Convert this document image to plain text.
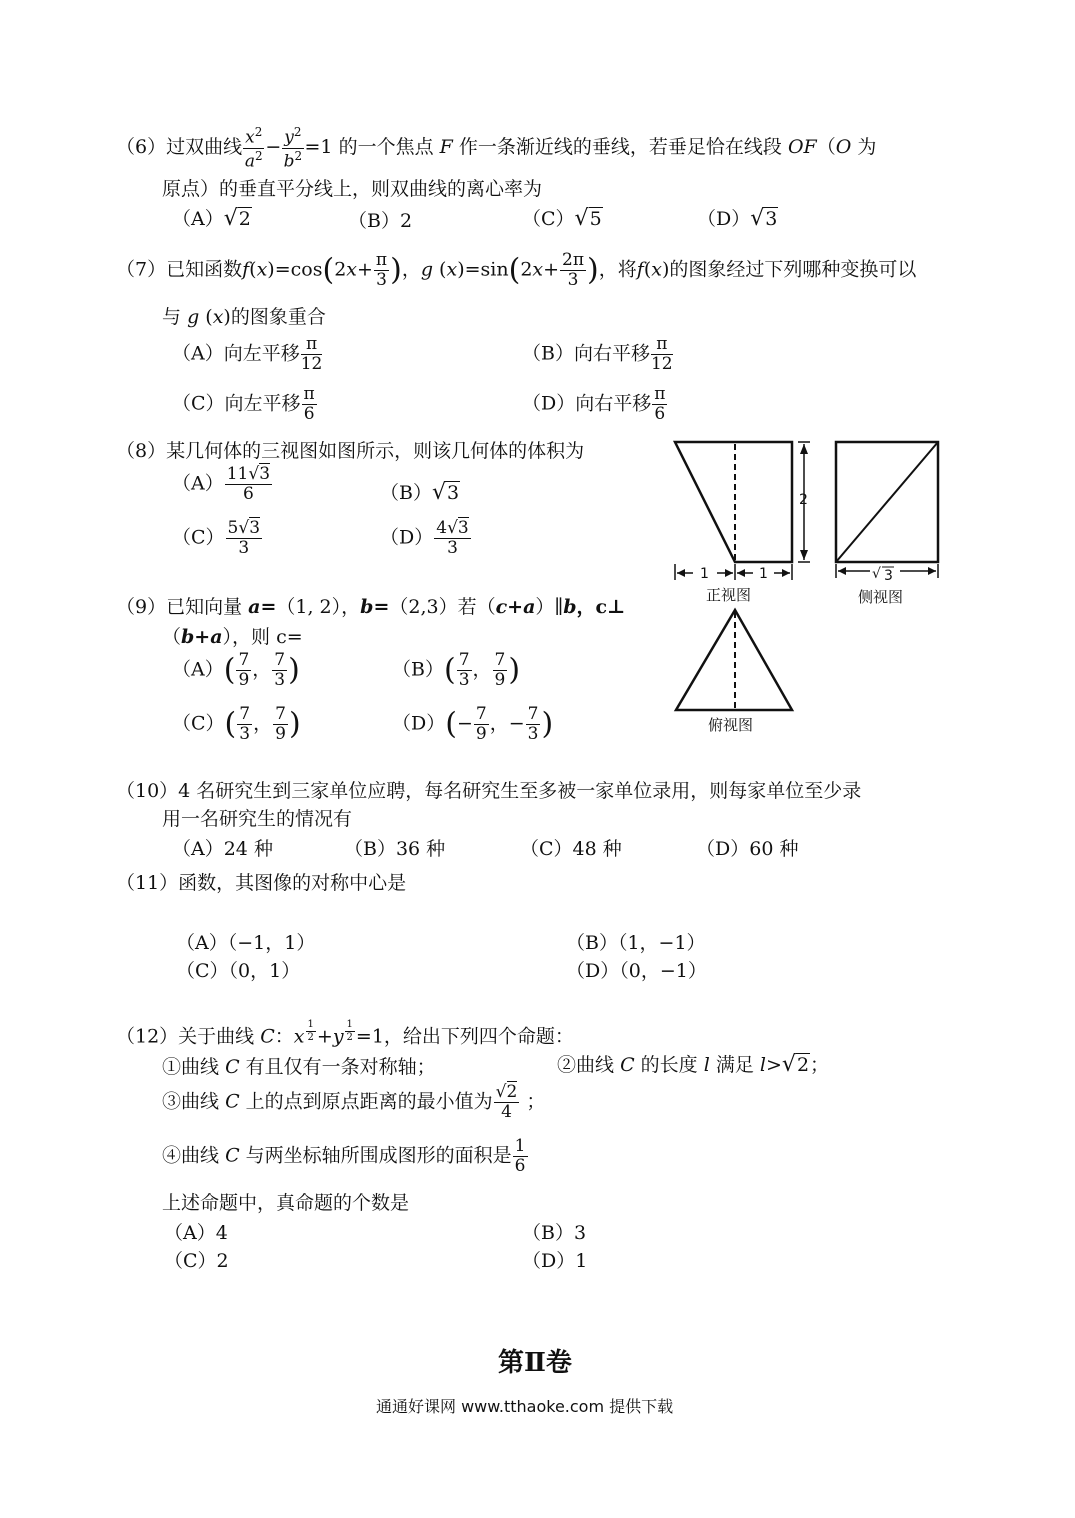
（6）过双曲线 $\frac{x^2}{a^2} - \frac{y^2}{b^2} =1$ 的一个焦点 F 作一条渐近线的垂线，若垂足恰在线段 OF（O 为
原点）的垂直平分线上，则双曲线的离心率为
（A）√2	（B）2	（C）√5	（D）√3
（7）已知函数$f(x)=\cos(2x+ \frac{\pi}{3}$ )，g $(x)=\sin(2x+ \frac{2\pi}{3}$ )，将f(x)的图象经过下列哪种变换可以
与 g (x)的图象重合
（A）向左平移 $\frac{\pi}{12}$	（B）向右平移 $\frac{\pi}{12}$
（C）向左平移 $\frac{\pi}{6}$	（D）向右平移 $\frac{\pi}{6}$
（8）某几何体的三视图如图所示，则该几何体的体积为
$(A) \frac{11√3}{6}$	（B）√3
$(C) \frac{5√3}{3}$	$(D) \frac{4√3}{3}$
2
1	1
正视图
√ 3
侧视图
俯视图
（9）已知向量 a=（1, 2），b=（2,3）若（c+a）∥b，c⊥
（b+a），则 c=
$(A)( \frac{7}{9}$ ， $\frac{7}{3}$ )	$(B)( \frac{7}{3}$ ， $\frac{7}{9}$ )
$(C)( \frac{7}{3}$ ， $\frac{7}{9}$ )	$(D)(- \frac{7}{9}$ ，− $\frac{7}{3}$ )
（10）4 名研究生到三家单位应聘，每名研究生至多被一家单位录用，则每家单位至少录
用一名研究生的情况有
（A）24 种	（B）36 种	（C）48 种	（D）60 种
（11）函数，其图像的对称中心是
（A）（−1，1）	（B）（1，−1）
（C）（0，1）	（D）（0，−1）
（12）关于曲线 C：x $^{\frac{1}{2}}$ +y $^{\frac{1}{2}}$ =1，给出下列四个命题：
①曲线 C 有且仅有一条对称轴；	②曲线 C 的长度 l 满足 l>√2；
③曲线 C 上的点到原点距离的最小值为 $\frac{√2}{4}$ ；
④曲线 C 与两坐标轴所围成图形的面积是 $\frac{1}{6}$
上述命题中，真命题的个数是
（A）4	（B）3
（C）2	（D）1
第Ⅱ卷
通通好课网 www.tthaoke.com 提供下载
